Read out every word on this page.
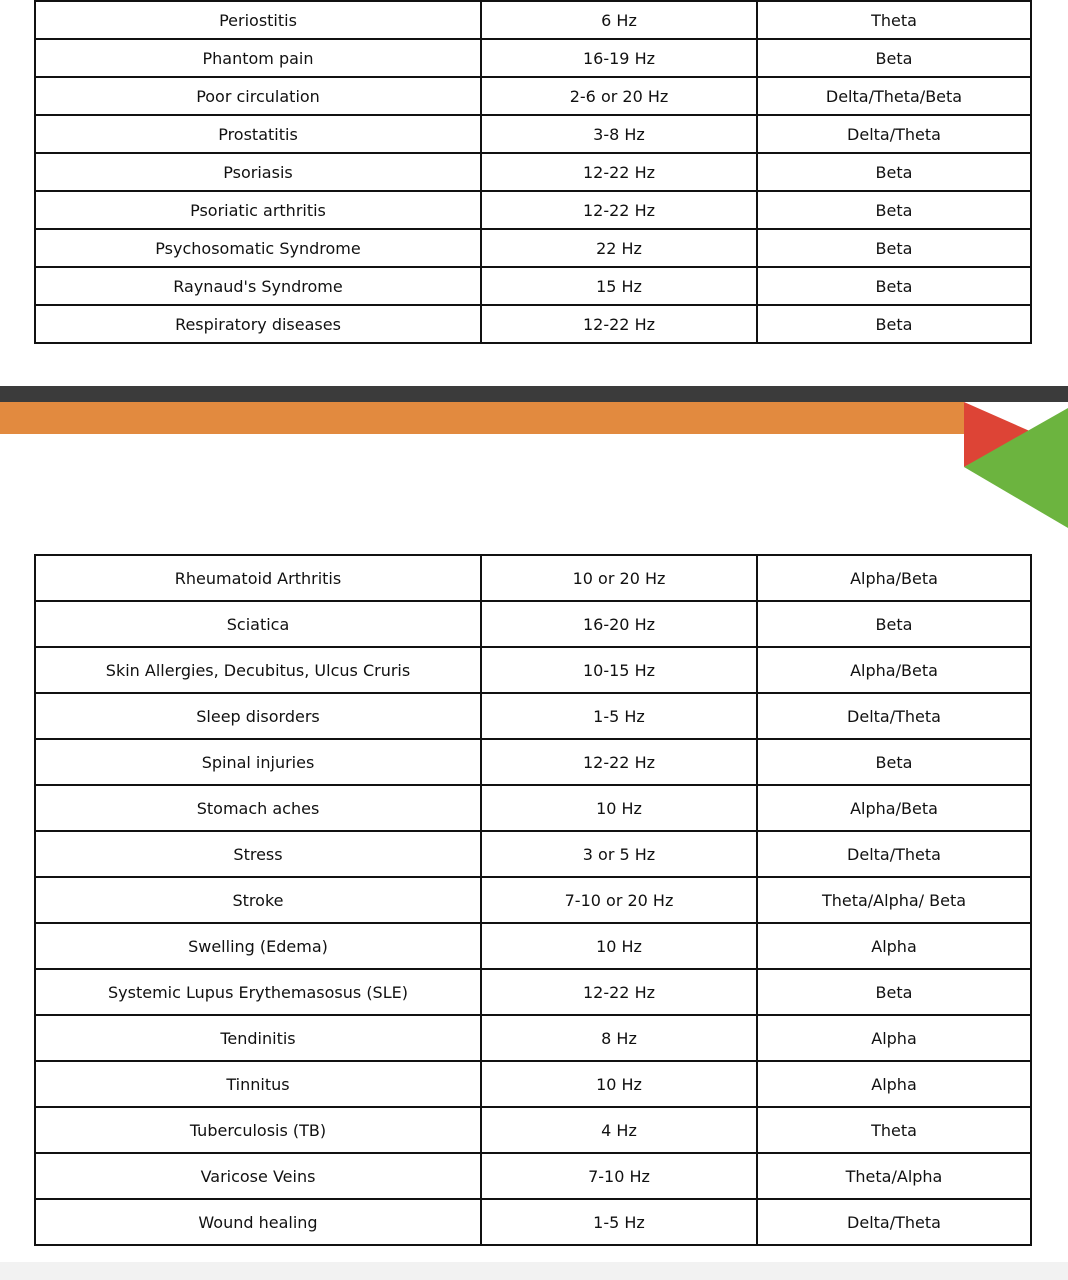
Periostitis	6 Hz	Theta
Phantom pain	16-19 Hz	Beta
Poor circulation	2-6 or 20 Hz	Delta/Theta/Beta
Prostatitis	3-8 Hz	Delta/Theta
Psoriasis	12-22 Hz	Beta
Psoriatic arthritis	12-22 Hz	Beta
Psychosomatic Syndrome	22 Hz	Beta
Raynaud's Syndrome	15 Hz	Beta
Respiratory diseases	12-22 Hz	Beta
Rheumatoid Arthritis	10 or 20 Hz	Alpha/Beta
Sciatica	16-20 Hz	Beta
Skin Allergies, Decubitus, Ulcus Cruris	10-15 Hz	Alpha/Beta
Sleep disorders	1-5 Hz	Delta/Theta
Spinal injuries	12-22 Hz	Beta
Stomach aches	10 Hz	Alpha/Beta
Stress	3 or 5 Hz	Delta/Theta
Stroke	7-10 or 20 Hz	Theta/Alpha/ Beta
Swelling (Edema)	10 Hz	Alpha
Systemic Lupus Erythemasosus (SLE)	12-22 Hz	Beta
Tendinitis	8 Hz	Alpha
Tinnitus	10 Hz	Alpha
Tuberculosis (TB)	4 Hz	Theta
Varicose Veins	7-10 Hz	Theta/Alpha
Wound healing	1-5 Hz	Delta/Theta
